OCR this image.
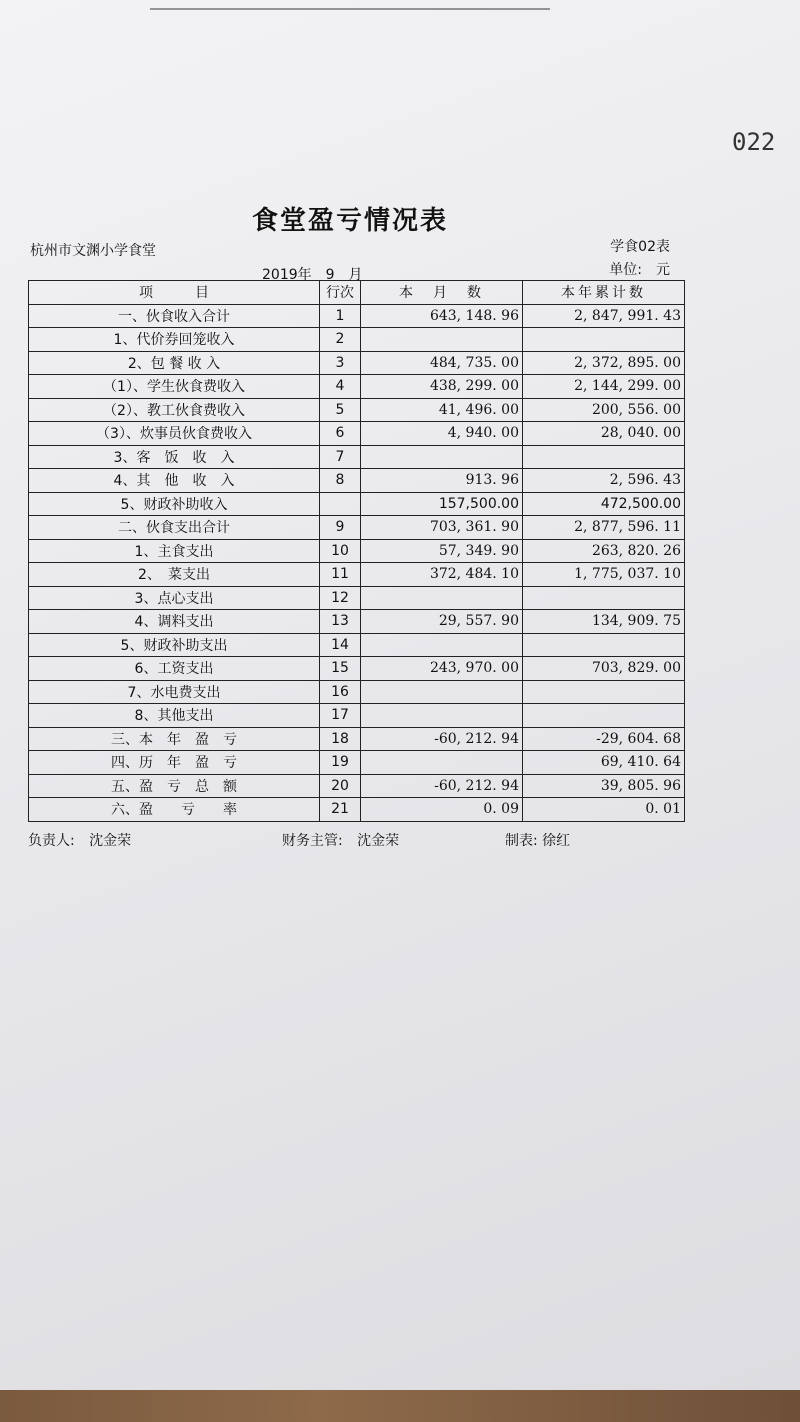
022
食堂盈亏情况表
杭州市文渊小学食堂	学食02表
2019年　9　月	单位:　元
项　　　目	行次	本　月　数	本年累计数
一、伙食收入合计	1	643, 148. 96	2, 847, 991. 43
1、代价券回笼收入	2		
2、包 餐 收 入	3	484, 735. 00	2, 372, 895. 00
（1）、学生伙食费收入	4	438, 299. 00	2, 144, 299. 00
（2）、教工伙食费收入	5	41, 496. 00	200, 556. 00
（3）、炊事员伙食费收入	6	4, 940. 00	28, 040. 00
3、客　饭　收　入	7		
4、其　他　收　入	8	913. 96	2, 596. 43
5、财政补助收入		157,500.00	472,500.00
二、伙食支出合计	9	703, 361. 90	2, 877, 596. 11
1、主食支出	10	57, 349. 90	263, 820. 26
2、　菜支出	11	372, 484. 10	1, 775, 037. 10
3、点心支出	12		
4、调料支出	13	29, 557. 90	134, 909. 75
5、财政补助支出	14		
6、工资支出	15	243, 970. 00	703, 829. 00
7、水电费支出	16		
8、其他支出	17		
三、本　年　盈　亏	18	-60, 212. 94	-29, 604. 68
四、历　年　盈　亏	19		69, 410. 64
五、盈　亏　总　额	20	-60, 212. 94	39, 805. 96
六、盈　　亏　　率	21	0. 09	0. 01
负责人: 沈金荣	财务主管: 沈金荣	制表: 徐红
